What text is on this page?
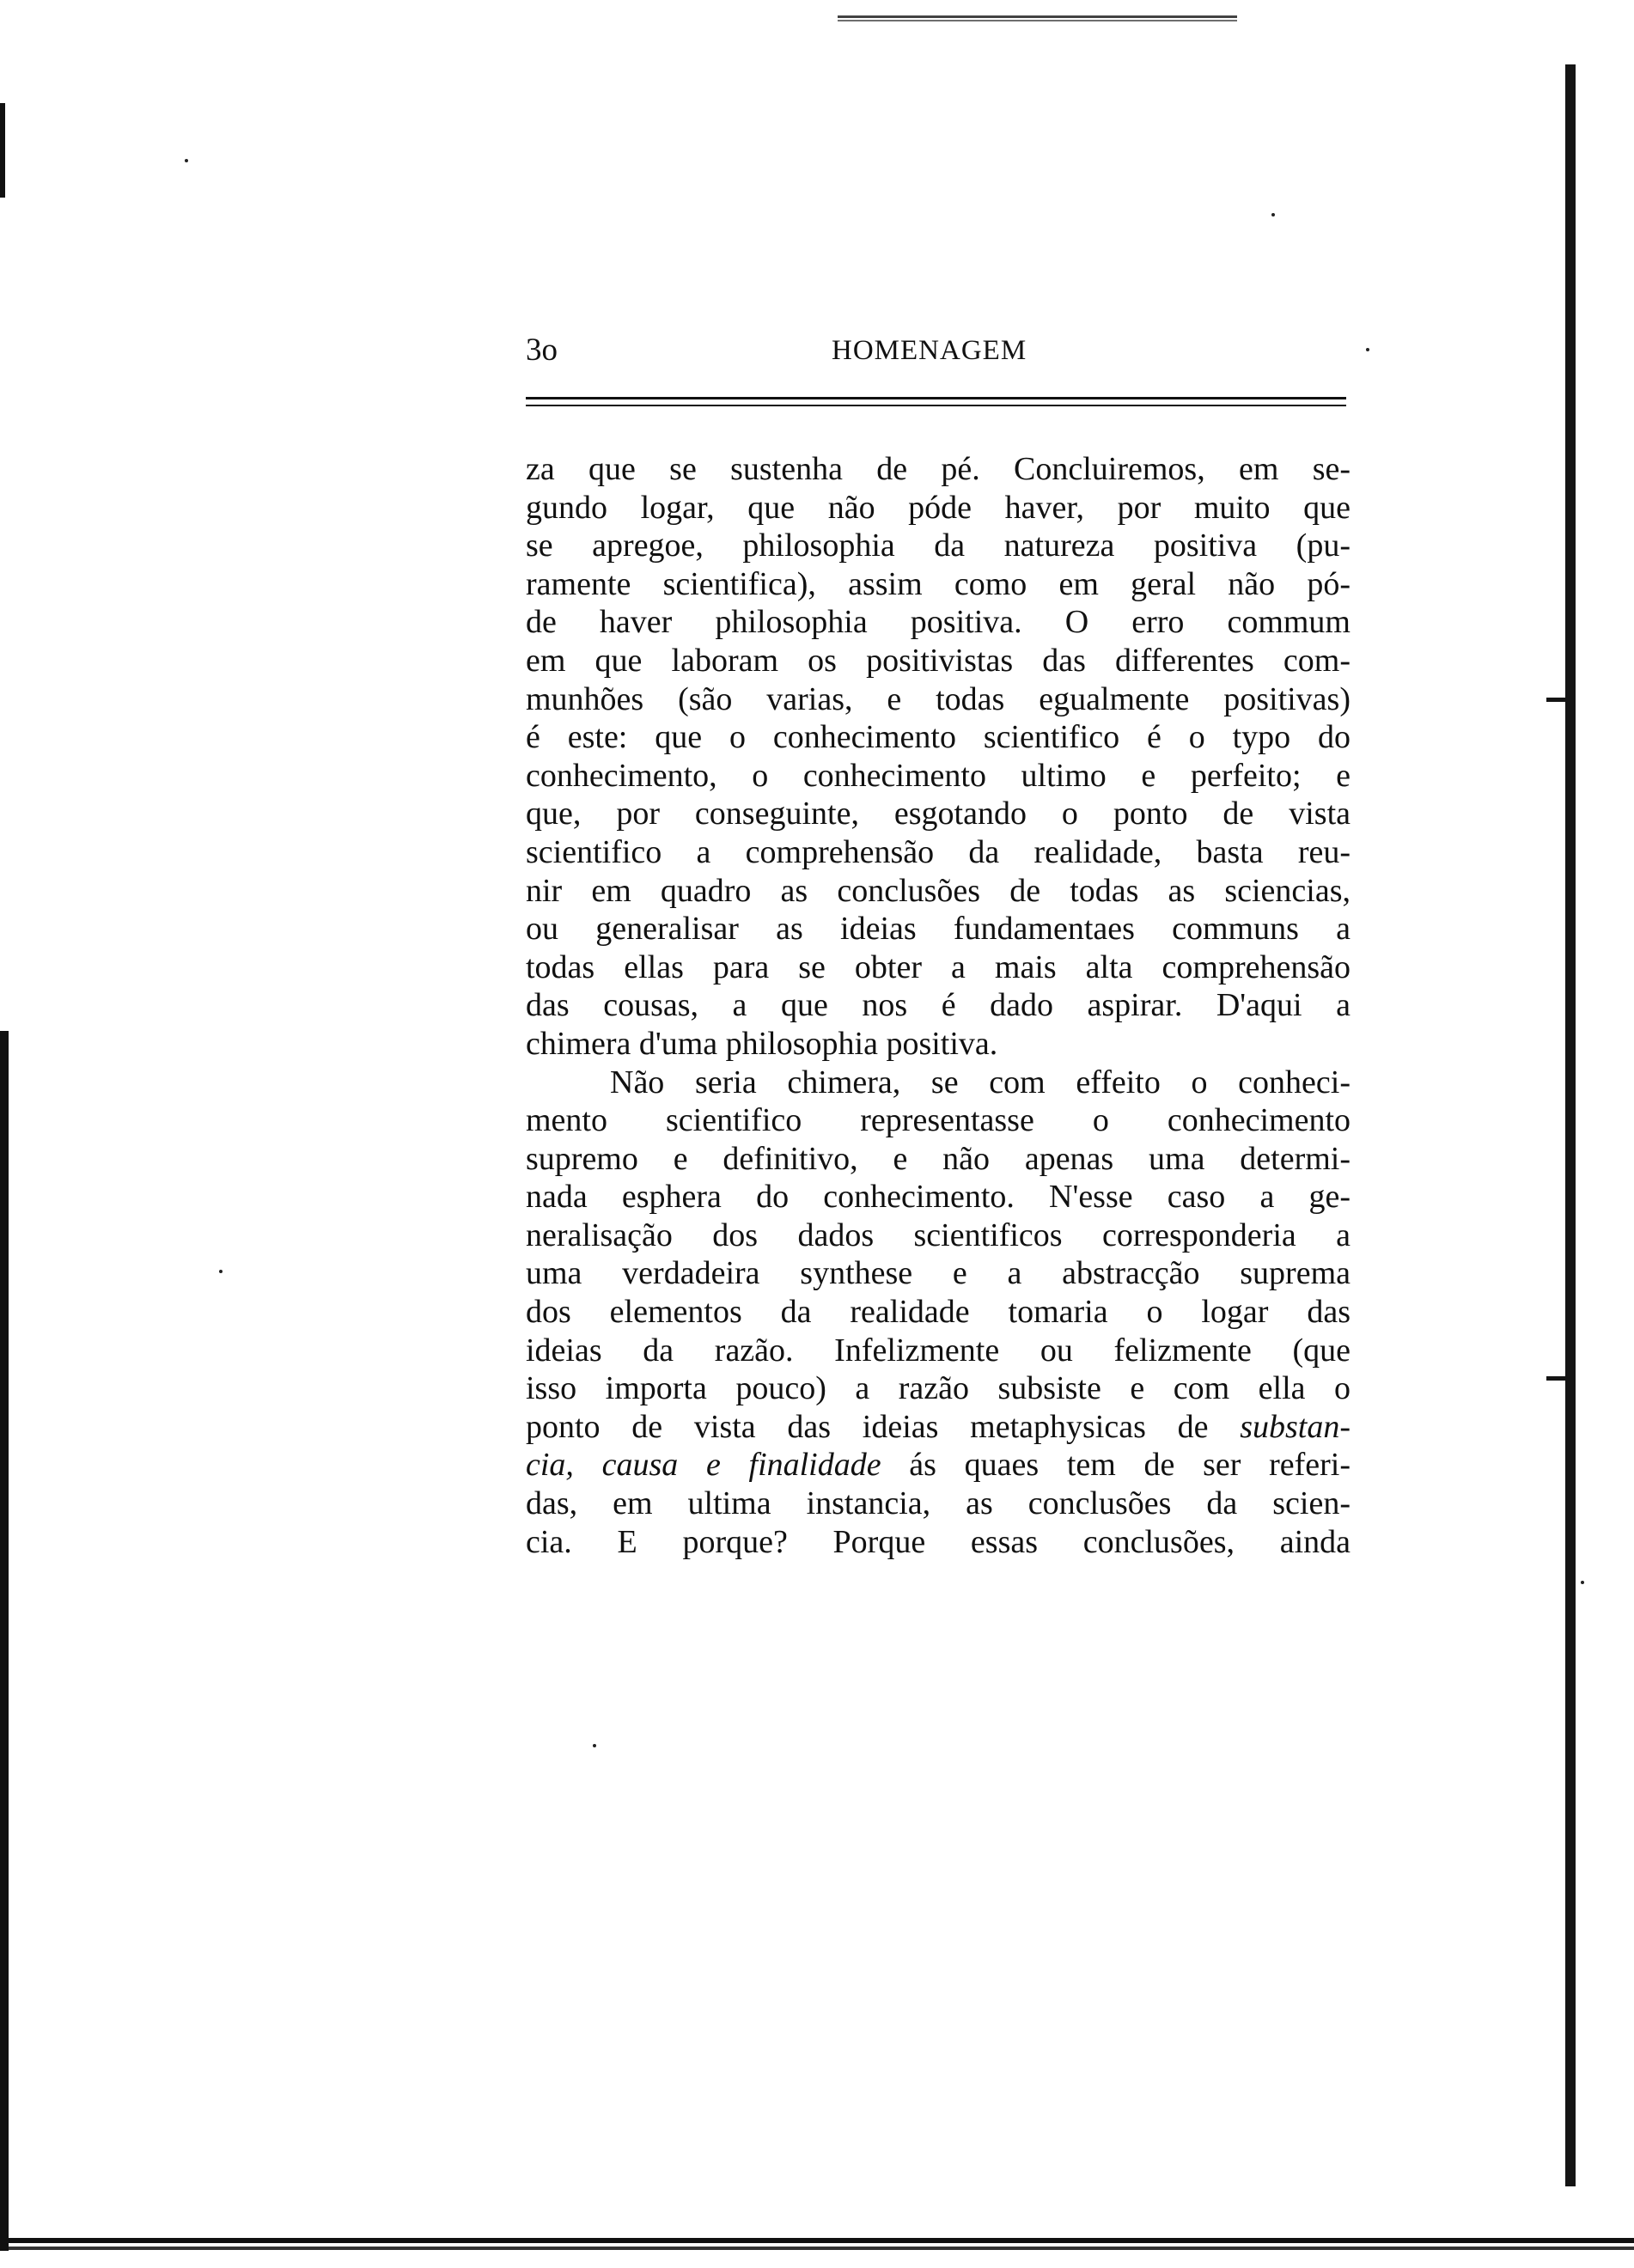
3o	HOMENAGEM
za que se sustenha de pé. Concluiremos, em se-
gundo logar, que não póde haver, por muito que
se apregoe, philosophia da natureza positiva (pu-
ramente scientifica), assim como em geral não pó-
de haver philosophia positiva. O erro commum
em que laboram os positivistas das differentes com-
munhões (são varias, e todas egualmente positivas)
é este: que o conhecimento scientifico é o typo do
conhecimento, o conhecimento ultimo e perfeito; e
que, por conseguinte, esgotando o ponto de vista
scientifico a comprehensão da realidade, basta reu-
nir em quadro as conclusões de todas as sciencias,
ou generalisar as ideias fundamentaes communs a
todas ellas para se obter a mais alta comprehensão
das cousas, a que nos é dado aspirar. D'aqui a
chimera d'uma philosophia positiva.
Não seria chimera, se com effeito o conheci-
mento scientifico representasse o conhecimento
supremo e definitivo, e não apenas uma determi-
nada esphera do conhecimento. N'esse caso a ge-
neralisação dos dados scientificos corresponderia a
uma verdadeira synthese e a abstracção suprema
dos elementos da realidade tomaria o logar das
ideias da razão. Infelizmente ou felizmente (que
isso importa pouco) a razão subsiste e com ella o
ponto de vista das ideias metaphysicas de substan-
cia, causa e finalidade ás quaes tem de ser referi-
das, em ultima instancia, as conclusões da scien-
cia. E porque? Porque essas conclusões, ainda
